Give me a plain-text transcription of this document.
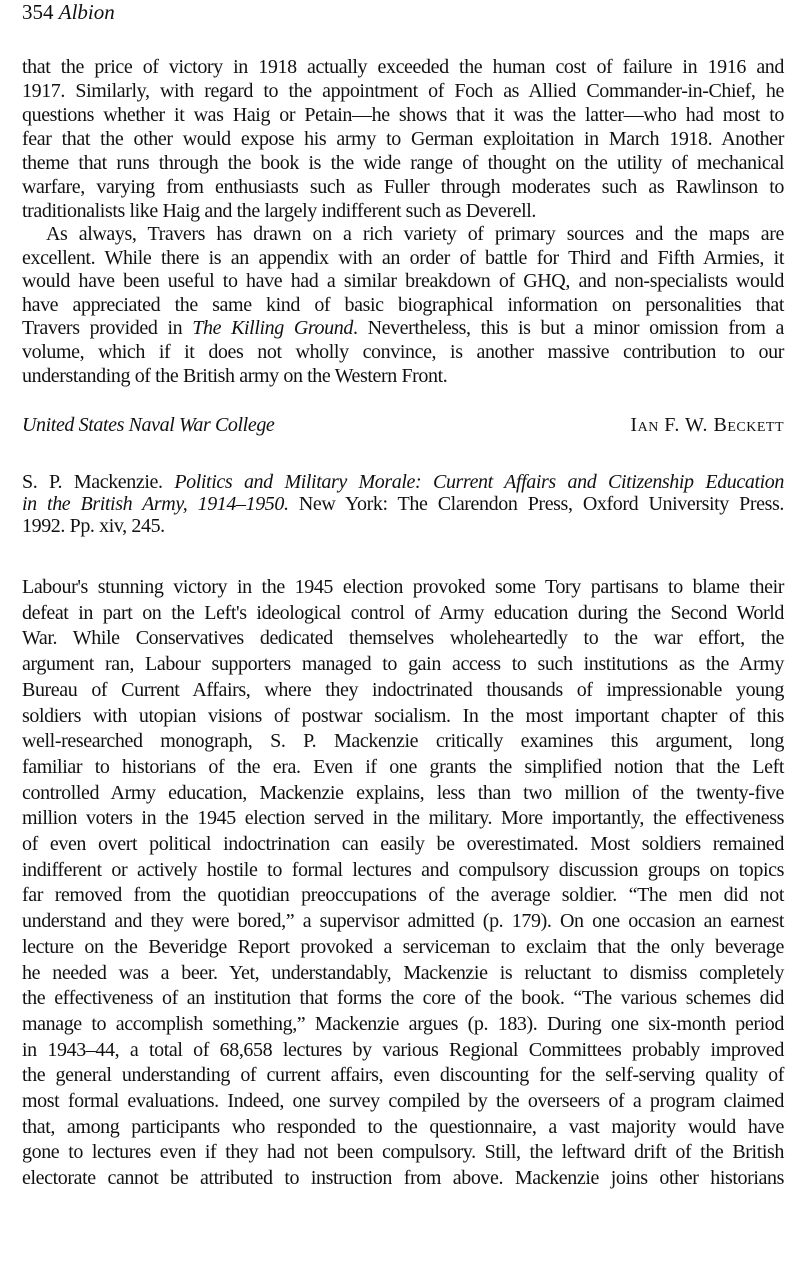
354 Albion
that the price of victory in 1918 actually exceeded the human cost of failure in 1916 and
1917. Similarly, with regard to the appointment of Foch as Allied Commander-in-Chief, he
questions whether it was Haig or Petain—he shows that it was the latter—who had most to
fear that the other would expose his army to German exploitation in March 1918. Another
theme that runs through the book is the wide range of thought on the utility of mechanical
warfare, varying from enthusiasts such as Fuller through moderates such as Rawlinson to
traditionalists like Haig and the largely indifferent such as Deverell.
As always, Travers has drawn on a rich variety of primary sources and the maps are
excellent. While there is an appendix with an order of battle for Third and Fifth Armies, it
would have been useful to have had a similar breakdown of GHQ, and non-specialists would
have appreciated the same kind of basic biographical information on personalities that
Travers provided in The Killing Ground. Nevertheless, this is but a minor omission from a
volume, which if it does not wholly convince, is another massive contribution to our
understanding of the British army on the Western Front.
United States Naval War College	Ian F. W. Beckett
S. P. Mackenzie. Politics and Military Morale: Current Affairs and Citizenship Education
in the British Army, 1914–1950. New York: The Clarendon Press, Oxford University Press.
1992. Pp. xiv, 245.
Labour's stunning victory in the 1945 election provoked some Tory partisans to blame their
defeat in part on the Left's ideological control of Army education during the Second World
War. While Conservatives dedicated themselves wholeheartedly to the war effort, the
argument ran, Labour supporters managed to gain access to such institutions as the Army
Bureau of Current Affairs, where they indoctrinated thousands of impressionable young
soldiers with utopian visions of postwar socialism. In the most important chapter of this
well-researched monograph, S. P. Mackenzie critically examines this argument, long
familiar to historians of the era. Even if one grants the simplified notion that the Left
controlled Army education, Mackenzie explains, less than two million of the twenty-five
million voters in the 1945 election served in the military. More importantly, the effectiveness
of even overt political indoctrination can easily be overestimated. Most soldiers remained
indifferent or actively hostile to formal lectures and compulsory discussion groups on topics
far removed from the quotidian preoccupations of the average soldier. “The men did not
understand and they were bored,” a supervisor admitted (p. 179). On one occasion an earnest
lecture on the Beveridge Report provoked a serviceman to exclaim that the only beverage
he needed was a beer. Yet, understandably, Mackenzie is reluctant to dismiss completely
the effectiveness of an institution that forms the core of the book. “The various schemes did
manage to accomplish something,” Mackenzie argues (p. 183). During one six-month period
in 1943–44, a total of 68,658 lectures by various Regional Committees probably improved
the general understanding of current affairs, even discounting for the self-serving quality of
most formal evaluations. Indeed, one survey compiled by the overseers of a program claimed
that, among participants who responded to the questionnaire, a vast majority would have
gone to lectures even if they had not been compulsory. Still, the leftward drift of the British
electorate cannot be attributed to instruction from above. Mackenzie joins other historians
